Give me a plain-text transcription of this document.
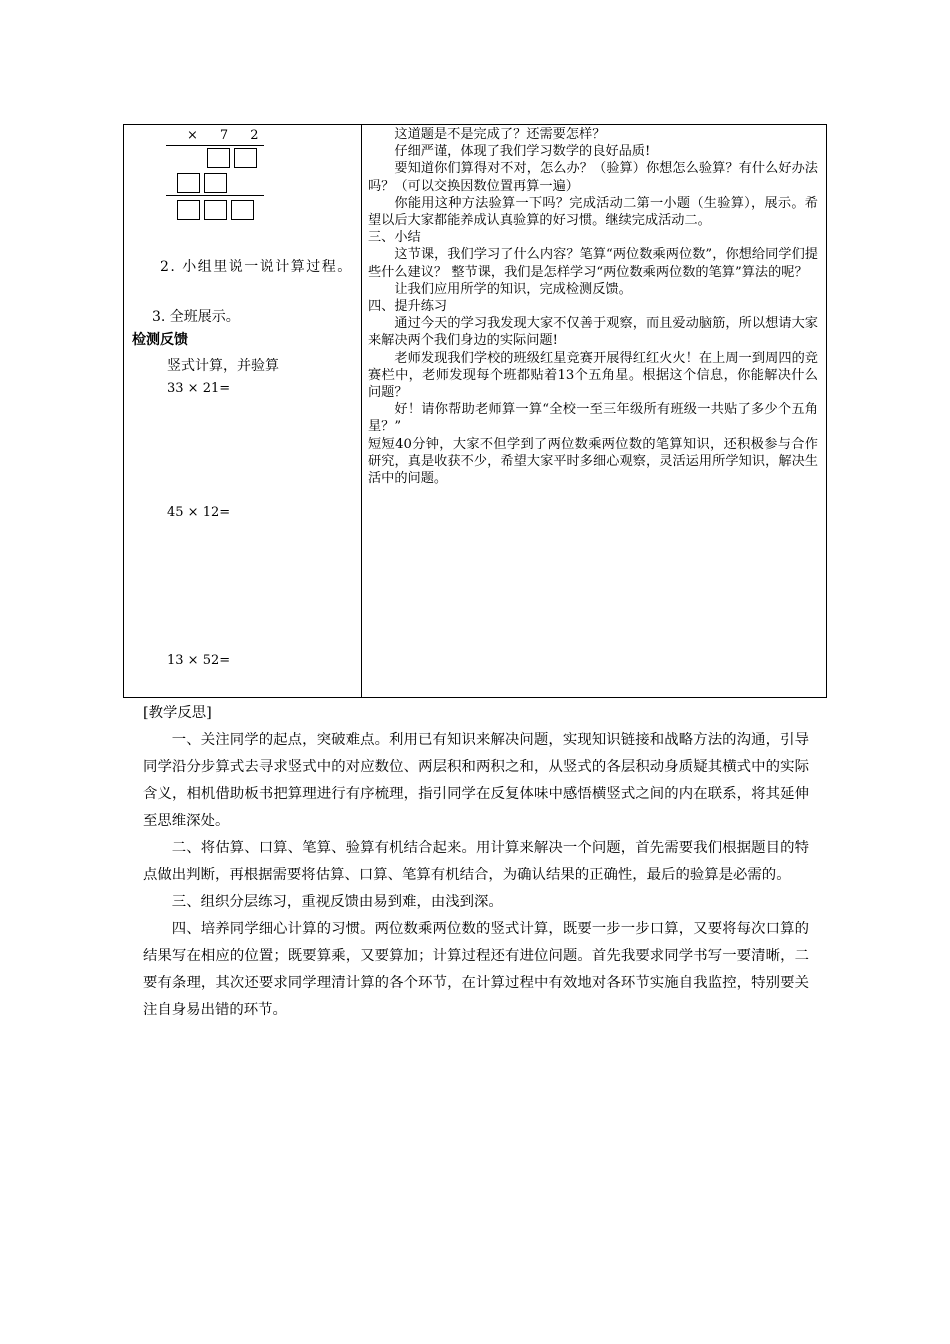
× 7 2
2. 小组里说一说计算过程。
3. 全班展示。
检测反馈
竖式计算，并验算
33 × 21=
45 × 12=
13 × 52=

这道题是不是完成了？还需要怎样？

仔细严谨，体现了我们学习数学的良好品质!

要知道你们算得对不对，怎么办？（验算）你想怎么验算？有什么好办法吗？（可以交换因数位置再算一遍）

你能用这种方法验算一下吗？完成活动二第一小题（生验算），展示。希望以后大家都能养成认真验算的好习惯。继续完成活动二。

三、小结

这节课，我们学习了什么内容？笔算“两位数乘两位数”，你想给同学们提些什么建议？ 整节课，我们是怎样学习“两位数乘两位数的笔算”算法的呢？

让我们应用所学的知识，完成检测反馈。

四、提升练习

通过今天的学习我发现大家不仅善于观察，而且爱动脑筋，所以想请大家来解决两个我们身边的实际问题!

老师发现我们学校的班级红星竞赛开展得红红火火！在上周一到周四的竞赛栏中，老师发现每个班都贴着13个五角星。根据这个信息，你能解决什么问题？

好！请你帮助老师算一算“全校一至三年级所有班级一共贴了多少个五角星？”

短短40分钟，大家不但学到了两位数乘两位数的笔算知识，还积极参与合作研究，真是收获不少，希望大家平时多细心观察，灵活运用所学知识，解决生活中的问题。

[教学反思]

一、关注同学的起点，突破难点。利用已有知识来解决问题，实现知识链接和战略方法的沟通，引导同学沿分步算式去寻求竖式中的对应数位、两层积和两积之和，从竖式的各层积动身质疑其横式中的实际含义，相机借助板书把算理进行有序梳理，指引同学在反复体味中感悟横竖式之间的内在联系，将其延伸至思维深处。

二、将估算、口算、笔算、验算有机结合起来。用计算来解决一个问题，首先需要我们根据题目的特点做出判断，再根据需要将估算、口算、笔算有机结合，为确认结果的正确性，最后的验算是必需的。

三、组织分层练习，重视反馈由易到难，由浅到深。

四、培养同学细心计算的习惯。两位数乘两位数的竖式计算，既要一步一步口算，又要将每次口算的结果写在相应的位置；既要算乘，又要算加；计算过程还有进位问题。首先我要求同学书写一要清晰，二要有条理，其次还要求同学理清计算的各个环节，在计算过程中有效地对各环节实施自我监控，特别要关注自身易出错的环节。
